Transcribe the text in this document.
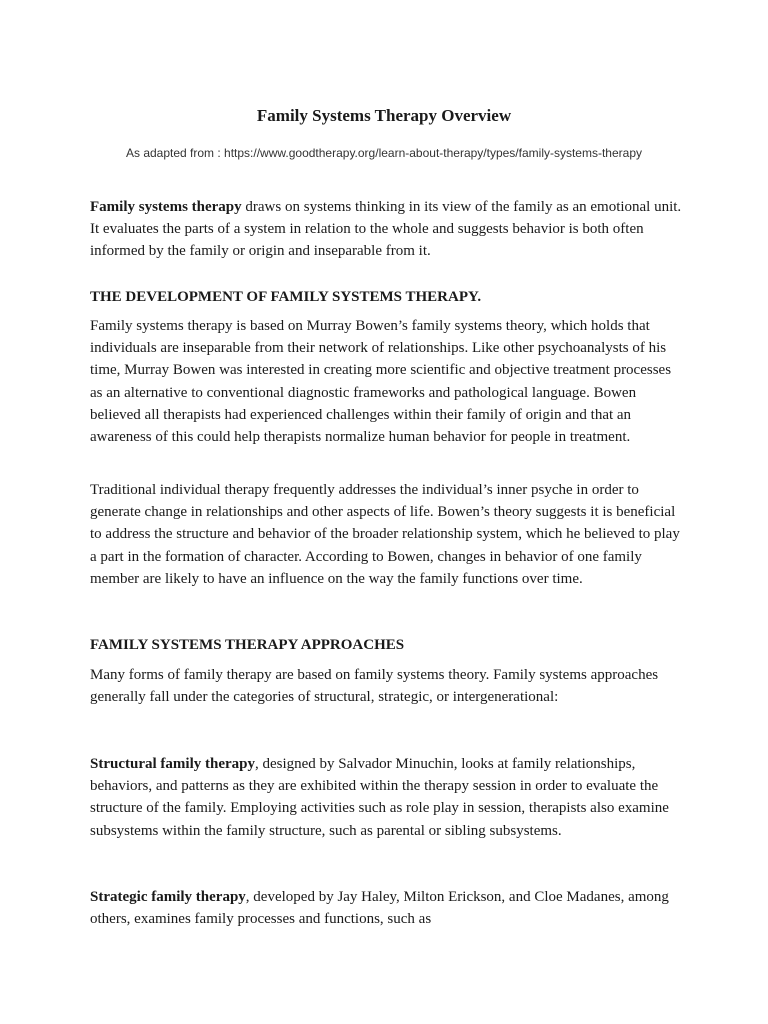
Family Systems Therapy Overview
As adapted from : https://www.goodtherapy.org/learn-about-therapy/types/family-systems-therapy

Family systems therapy draws on systems thinking in its view of the family as an emotional unit. It evaluates the parts of a system in relation to the whole and suggests behavior is both often informed by the family or origin and inseparable from it.

THE DEVELOPMENT OF FAMILY SYSTEMS THERAPY.

Family systems therapy is based on Murray Bowen’s family systems theory, which holds that individuals are inseparable from their network of relationships. Like other psychoanalysts of his time, Murray Bowen was interested in creating more scientific and objective treatment processes as an alternative to conventional diagnostic frameworks and pathological language. Bowen believed all therapists had experienced challenges within their family of origin and that an awareness of this could help therapists normalize human behavior for people in treatment.

Traditional individual therapy frequently addresses the individual’s inner psyche in order to generate change in relationships and other aspects of life. Bowen’s theory suggests it is beneficial to address the structure and behavior of the broader relationship system, which he believed to play a part in the formation of character. According to Bowen, changes in behavior of one family member are likely to have an influence on the way the family functions over time.

FAMILY SYSTEMS THERAPY APPROACHES

Many forms of family therapy are based on family systems theory. Family systems approaches generally fall under the categories of structural, strategic, or intergenerational:

Structural family therapy, designed by Salvador Minuchin, looks at family relationships, behaviors, and patterns as they are exhibited within the therapy session in order to evaluate the structure of the family. Employing activities such as role play in session, therapists also examine subsystems within the family structure, such as parental or sibling subsystems.

Strategic family therapy, developed by Jay Haley, Milton Erickson, and Cloe Madanes, among others, examines family processes and functions, such as
